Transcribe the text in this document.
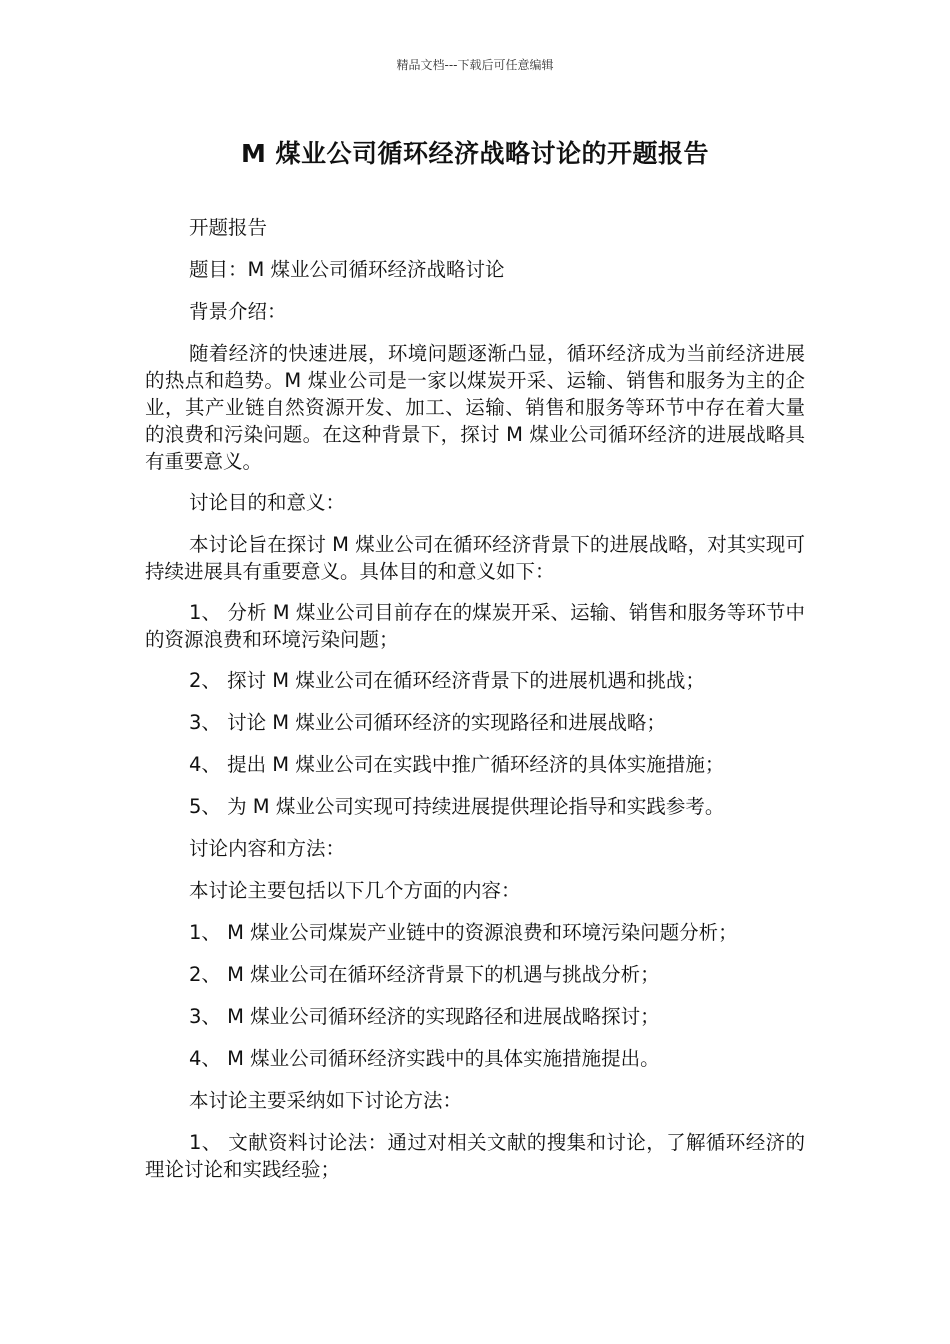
精品文档---下载后可任意编辑
M 煤业公司循环经济战略讨论的开题报告

开题报告

题目：M 煤业公司循环经济战略讨论

背景介绍：

随着经济的快速进展，环境问题逐渐凸显，循环经济成为当前经济进展的热点和趋势。M 煤业公司是一家以煤炭开采、运输、销售和服务为主的企业，其产业链自然资源开发、加工、运输、销售和服务等环节中存在着大量的浪费和污染问题。在这种背景下，探讨 M 煤业公司循环经济的进展战略具有重要意义。

讨论目的和意义：

本讨论旨在探讨 M 煤业公司在循环经济背景下的进展战略，对其实现可持续进展具有重要意义。具体目的和意义如下：

1、 分析 M 煤业公司目前存在的煤炭开采、运输、销售和服务等环节中的资源浪费和环境污染问题；

2、 探讨 M 煤业公司在循环经济背景下的进展机遇和挑战；

3、 讨论 M 煤业公司循环经济的实现路径和进展战略；

4、 提出 M 煤业公司在实践中推广循环经济的具体实施措施；

5、 为 M 煤业公司实现可持续进展提供理论指导和实践参考。

讨论内容和方法：

本讨论主要包括以下几个方面的内容：

1、 M 煤业公司煤炭产业链中的资源浪费和环境污染问题分析；

2、 M 煤业公司在循环经济背景下的机遇与挑战分析；

3、 M 煤业公司循环经济的实现路径和进展战略探讨；

4、 M 煤业公司循环经济实践中的具体实施措施提出。

本讨论主要采纳如下讨论方法：

1、 文献资料讨论法：通过对相关文献的搜集和讨论，了解循环经济的理论讨论和实践经验；
